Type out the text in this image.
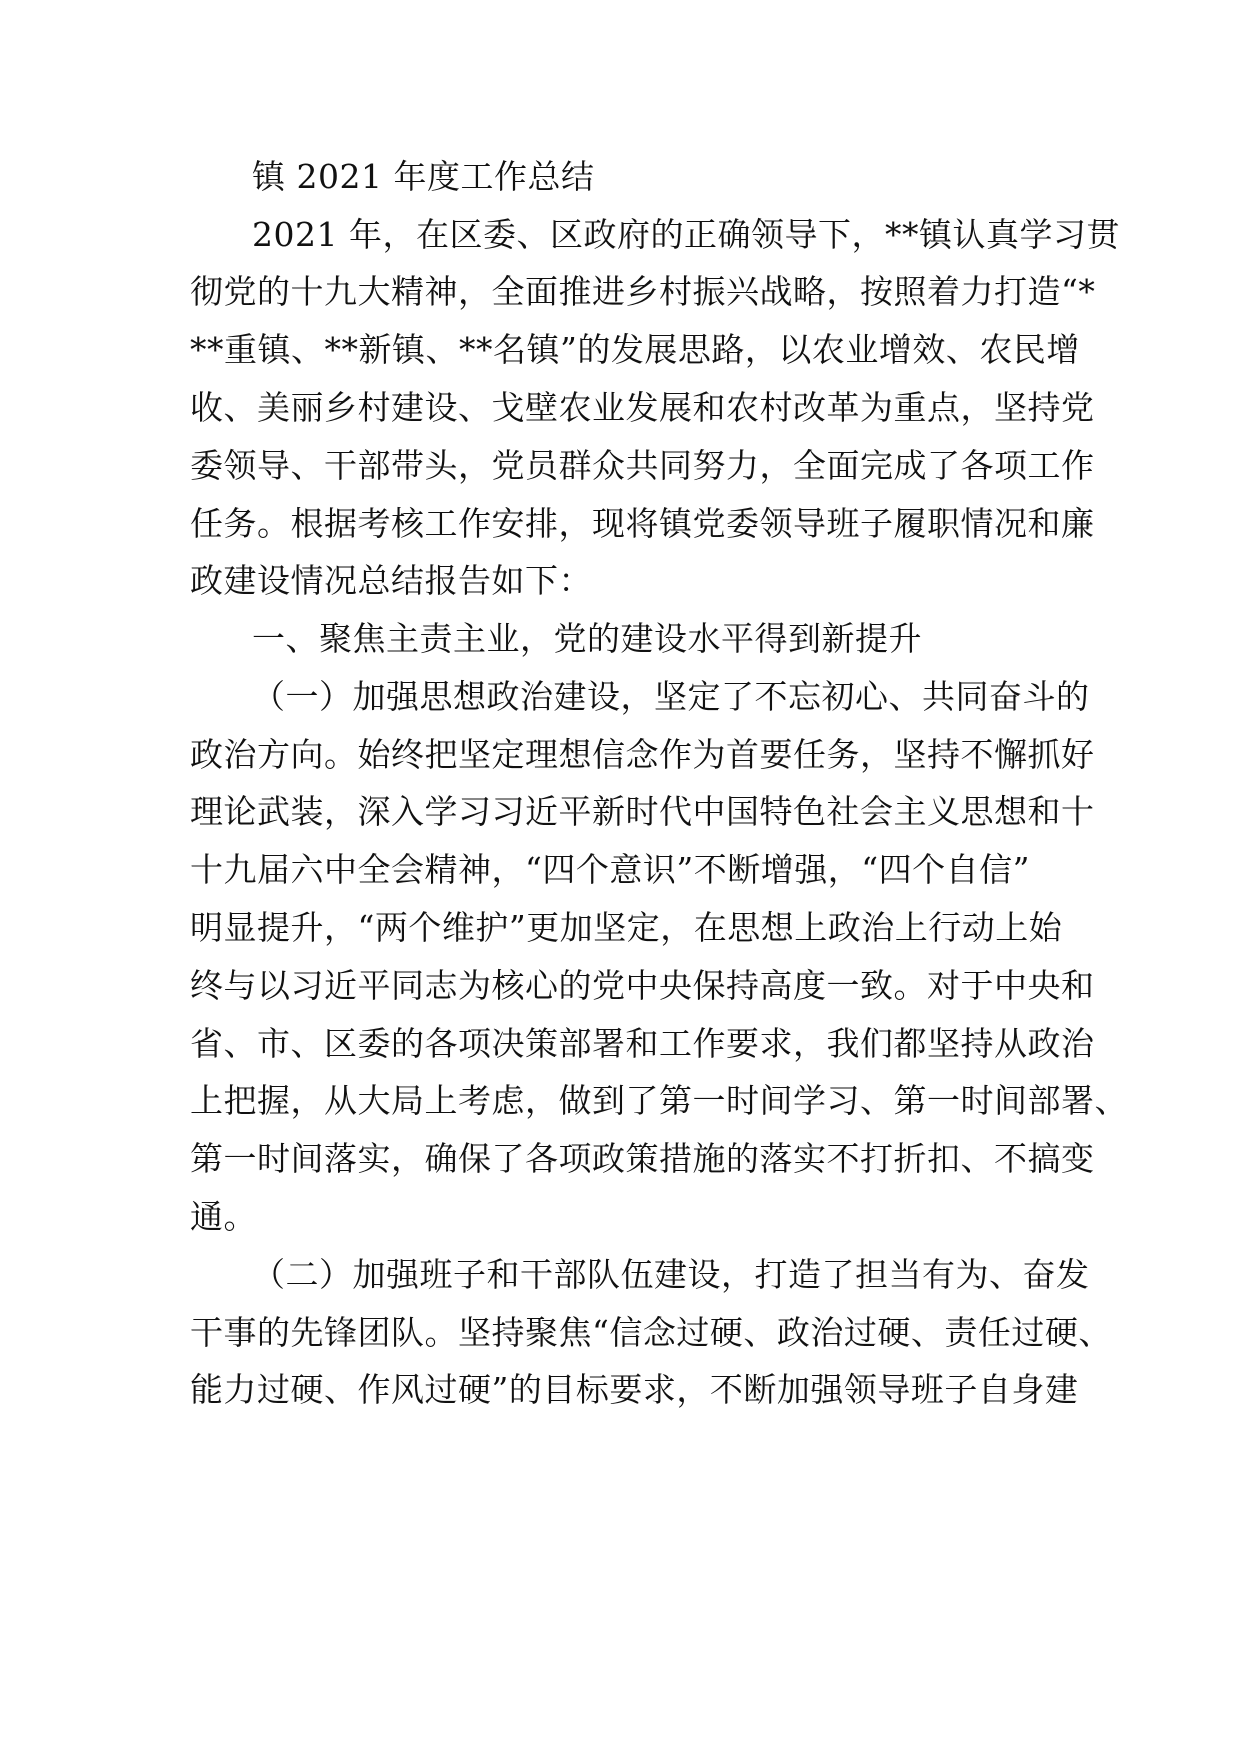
镇 2021 年度工作总结
2021 年，在区委、区政府的正确领导下，**镇认真学习贯
彻党的十九大精神，全面推进乡村振兴战略，按照着力打造“*
**重镇、**新镇、**名镇”的发展思路，以农业增效、农民增
收、美丽乡村建设、戈壁农业发展和农村改革为重点，坚持党
委领导、干部带头，党员群众共同努力，全面完成了各项工作
任务。根据考核工作安排，现将镇党委领导班子履职情况和廉
政建设情况总结报告如下：
一、聚焦主责主业，党的建设水平得到新提升
（一）加强思想政治建设，坚定了不忘初心、共同奋斗的
政治方向。始终把坚定理想信念作为首要任务，坚持不懈抓好
理论武装，深入学习习近平新时代中国特色社会主义思想和十
十九届六中全会精神，“四个意识”不断增强，“四个自信”
明显提升，“两个维护”更加坚定，在思想上政治上行动上始
终与以习近平同志为核心的党中央保持高度一致。对于中央和
省、市、区委的各项决策部署和工作要求，我们都坚持从政治
上把握，从大局上考虑，做到了第一时间学习、第一时间部署、
第一时间落实，确保了各项政策措施的落实不打折扣、不搞变
通。
（二）加强班子和干部队伍建设，打造了担当有为、奋发
干事的先锋团队。坚持聚焦“信念过硬、政治过硬、责任过硬、
能力过硬、作风过硬”的目标要求，不断加强领导班子自身建
